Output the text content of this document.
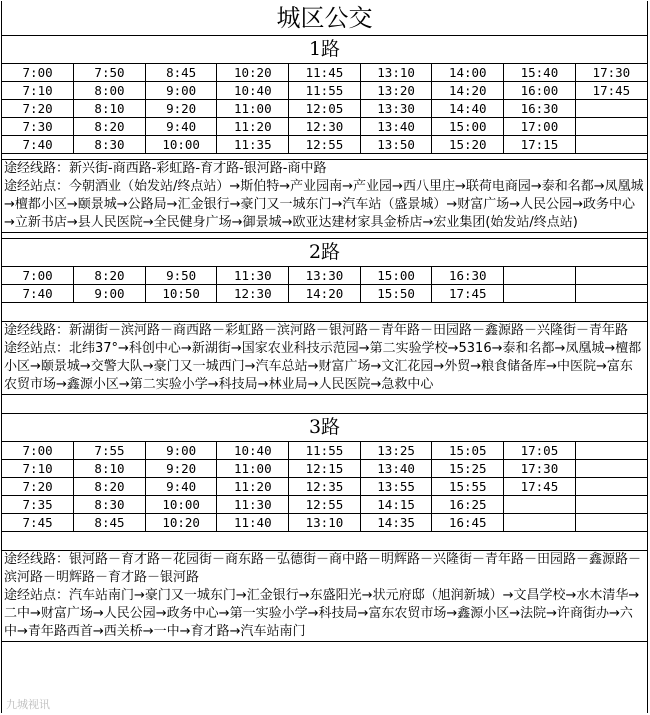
城区公交
1路
7:00	7:50	8:45	10:20	11:45	13:10	14:00	15:40	17:30
7:10	8:00	9:00	10:40	11:55	13:20	14:20	16:00	17:45
7:20	8:10	9:20	11:00	12:05	13:30	14:40	16:30	
7:30	8:20	9:40	11:20	12:30	13:40	15:00	17:00	
7:40	8:30	10:00	11:35	12:55	13:50	15:20	17:15	

途经线路：新兴街-商西路-彩虹路-育才路-银河路-商中路

途经站点：今朝酒业（始发站/终点站）→斯伯特→产业园南→产业园→西八里庄→联荷电商园→泰和名都→凤凰城→檀都小区→颐景城→公路局→汇金银行→豪门又一城东门→汽车站（盛景城）→财富广场→人民公园→政务中心→立新书店→县人民医院→全民健身广场→御景城→欧亚达建材家具金桥店→宏业集团(始发站/终点站)

2路
7:00	8:20	9:50	11:30	13:30	15:00	16:30		
7:40	9:00	10:50	12:30	14:20	15:50	17:45		

途经线路：新湖街－滨河路－商西路－彩虹路－滨河路－银河路－青年路－田园路－鑫源路－兴隆街－青年路

途经站点：北纬37°→科创中心→新湖街→国家农业科技示范园→第二实验学校→5316→泰和名都→凤凰城→檀都小区→颐景城→交警大队→豪门又一城西门→汽车总站→财富广场→文汇花园→外贸→粮食储备库→中医院→富东农贸市场→鑫源小区→第二实验小学→科技局→林业局→人民医院→急救中心

3路
7:00	7:55	9:00	10:40	11:55	13:25	15:05	17:05	
7:10	8:10	9:20	11:00	12:15	13:40	15:25	17:30	
7:20	8:20	9:40	11:20	12:35	13:55	15:55	17:45	
7:35	8:30	10:00	11:30	12:55	14:15	16:25		
7:45	8:45	10:20	11:40	13:10	14:35	16:45		

途经线路：银河路－育才路－花园街－商东路－弘德街－商中路－明辉路－兴隆街－青年路－田园路－鑫源路－滨河路－明辉路－育才路－银河路

途经站点：汽车站南门→豪门又一城东门→汇金银行→东盛阳光→状元府邸（旭润新城）→文昌学校→水木清华→二中→财富广场→人民公园→政务中心→第一实验小学→科技局→富东农贸市场→鑫源小区→法院→许商街办→六中→青年路西首→西关桥→一中→育才路→汽车站南门

九城视讯
